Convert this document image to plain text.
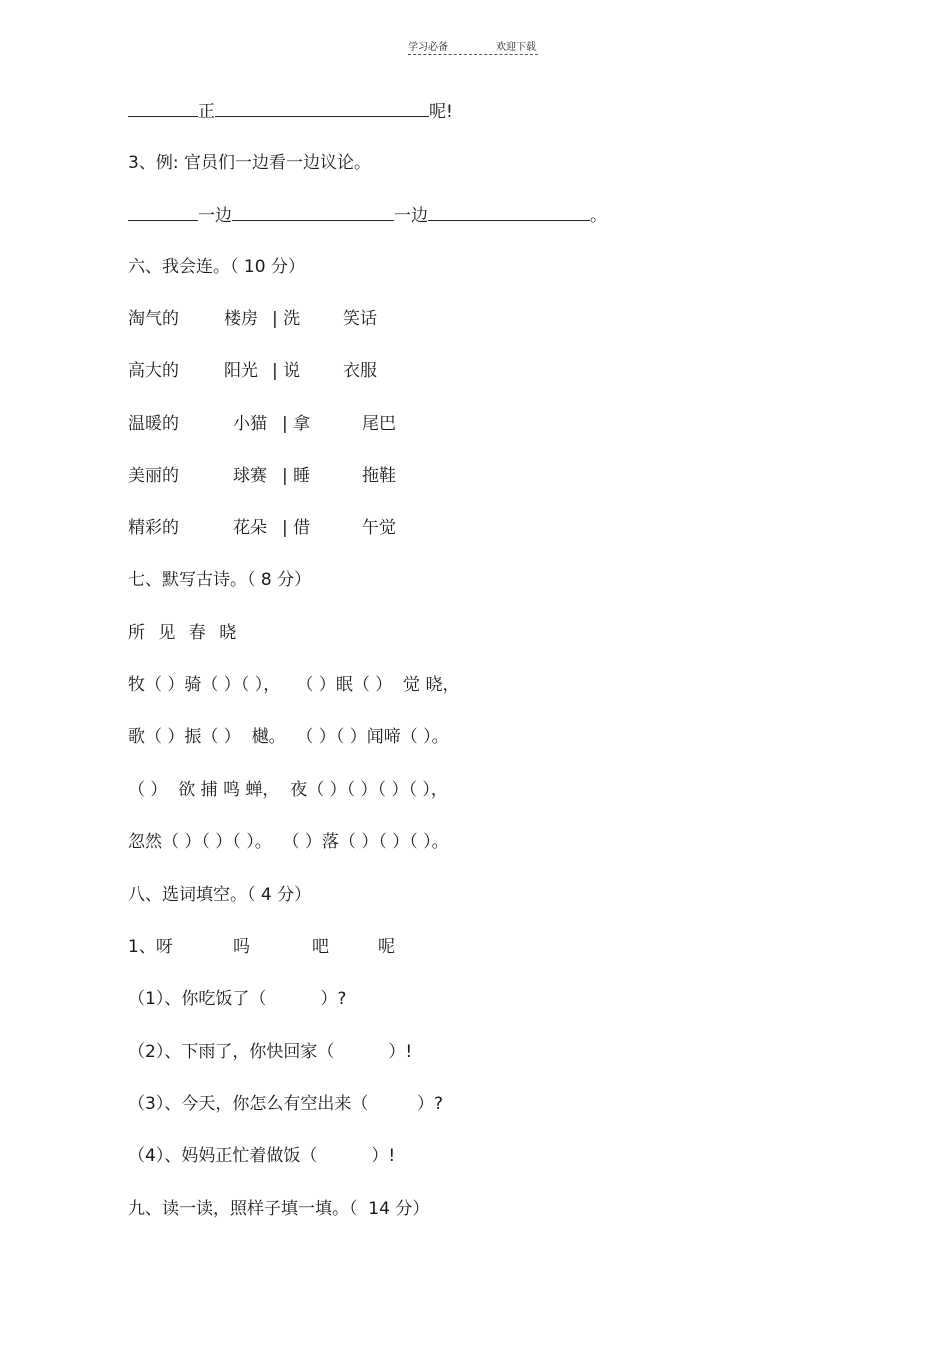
学习必备	欢迎下载
正	呢!
3、例: 官员们一边看一边议论。
一边	一边	。
六、我会连。（ 10 分）
淘气的	楼房 | 洗	笑话
高大的	阳光 | 说	衣服
温暖的	小猫 | 拿	尾巴
美丽的	球赛 | 睡	拖鞋
精彩的	花朵 | 借	午觉
七、默写古诗。（ 8 分）
所 见 春 晓
牧（ ）骑（ ）（ ），   （ ）眠（ ）  觉 晓，
歌（ ）振（ ）  樾。  （ ）（ ）闻啼（ ）。
（ ）  欲 捕 鸣 蝉，  夜（ ）（ ）（ ）（ ），
忽然（ ）（ ）（ ）。  （ ）落（ ）（ ）（ ）。
八、选词填空。（ 4 分）
1、呀	吗	吧	呢
（1）、你吃饭了（          ）?
（2）、下雨了，你快回家（          ）!
（3）、今天，你怎么有空出来（         ）?
（4）、妈妈正忙着做饭（          ）!
九、读一读，照样子填一填。（  14 分）
